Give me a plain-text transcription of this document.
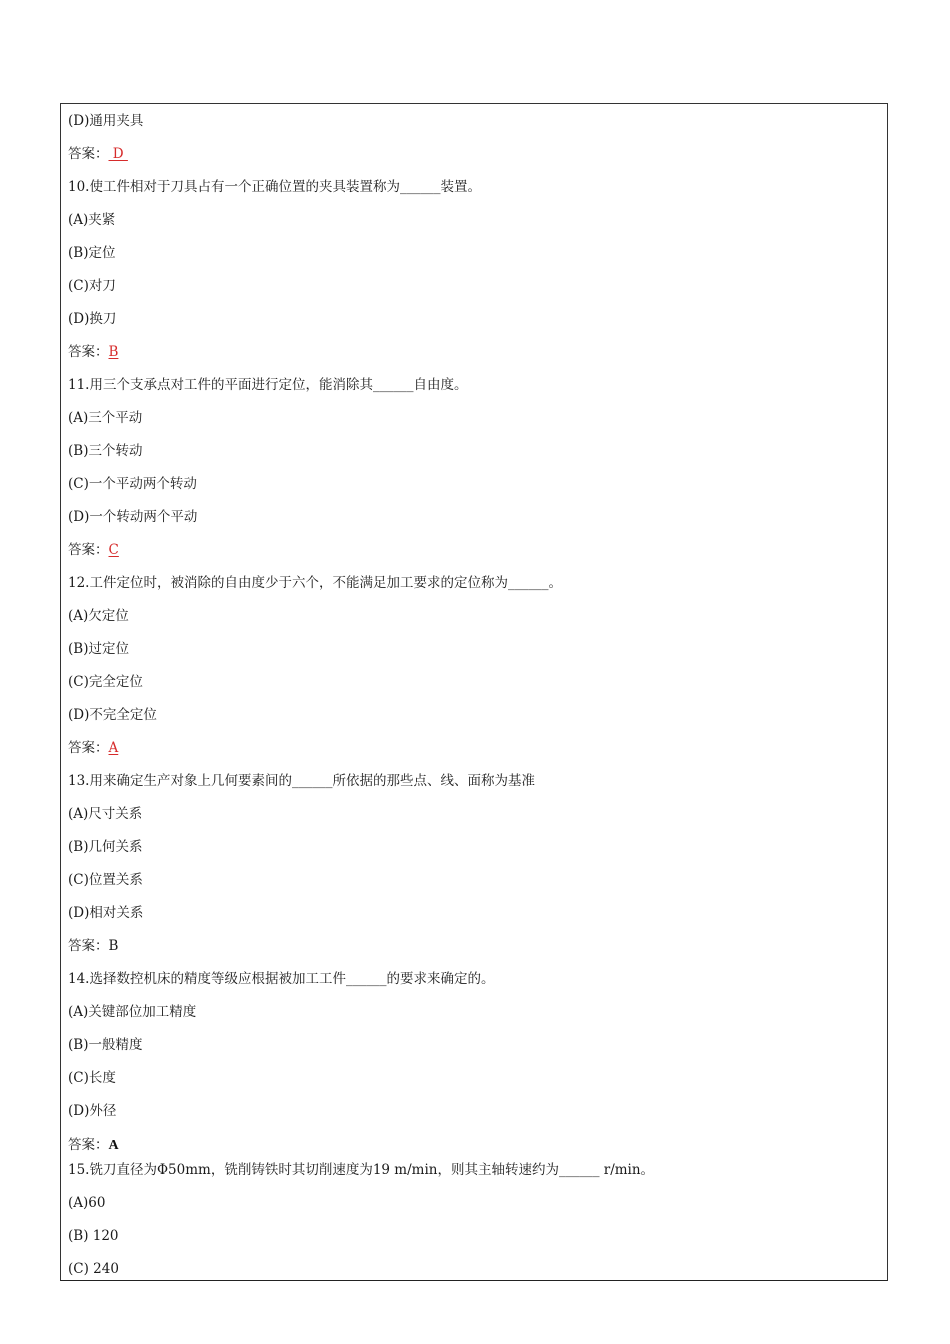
(D)通用夹具
答案： D
10.使工件相对于刀具占有一个正确位置的夹具装置称为______装置。
(A)夹紧
(B)定位
(C)对刀
(D)换刀
答案：B
11.用三个支承点对工件的平面进行定位，能消除其______自由度。
(A)三个平动
(B)三个转动
(C)一个平动两个转动
(D)一个转动两个平动
答案：C
12.工件定位时，被消除的自由度少于六个，不能满足加工要求的定位称为______。
(A)欠定位
(B)过定位
(C)完全定位
(D)不完全定位
答案：A
13.用来确定生产对象上几何要素间的______所依据的那些点、线、面称为基准
(A)尺寸关系
(B)几何关系
(C)位置关系
(D)相对关系
答案：B
14.选择数控机床的精度等级应根据被加工工件______的要求来确定的。
(A)关键部位加工精度
(B)一般精度
(C)长度
(D)外径
答案：A
15.铣刀直径为Φ50mm，铣削铸铁时其切削速度为19 m/min，则其主轴转速约为______ r/min。
(A)60
(B) 120
(C) 240
